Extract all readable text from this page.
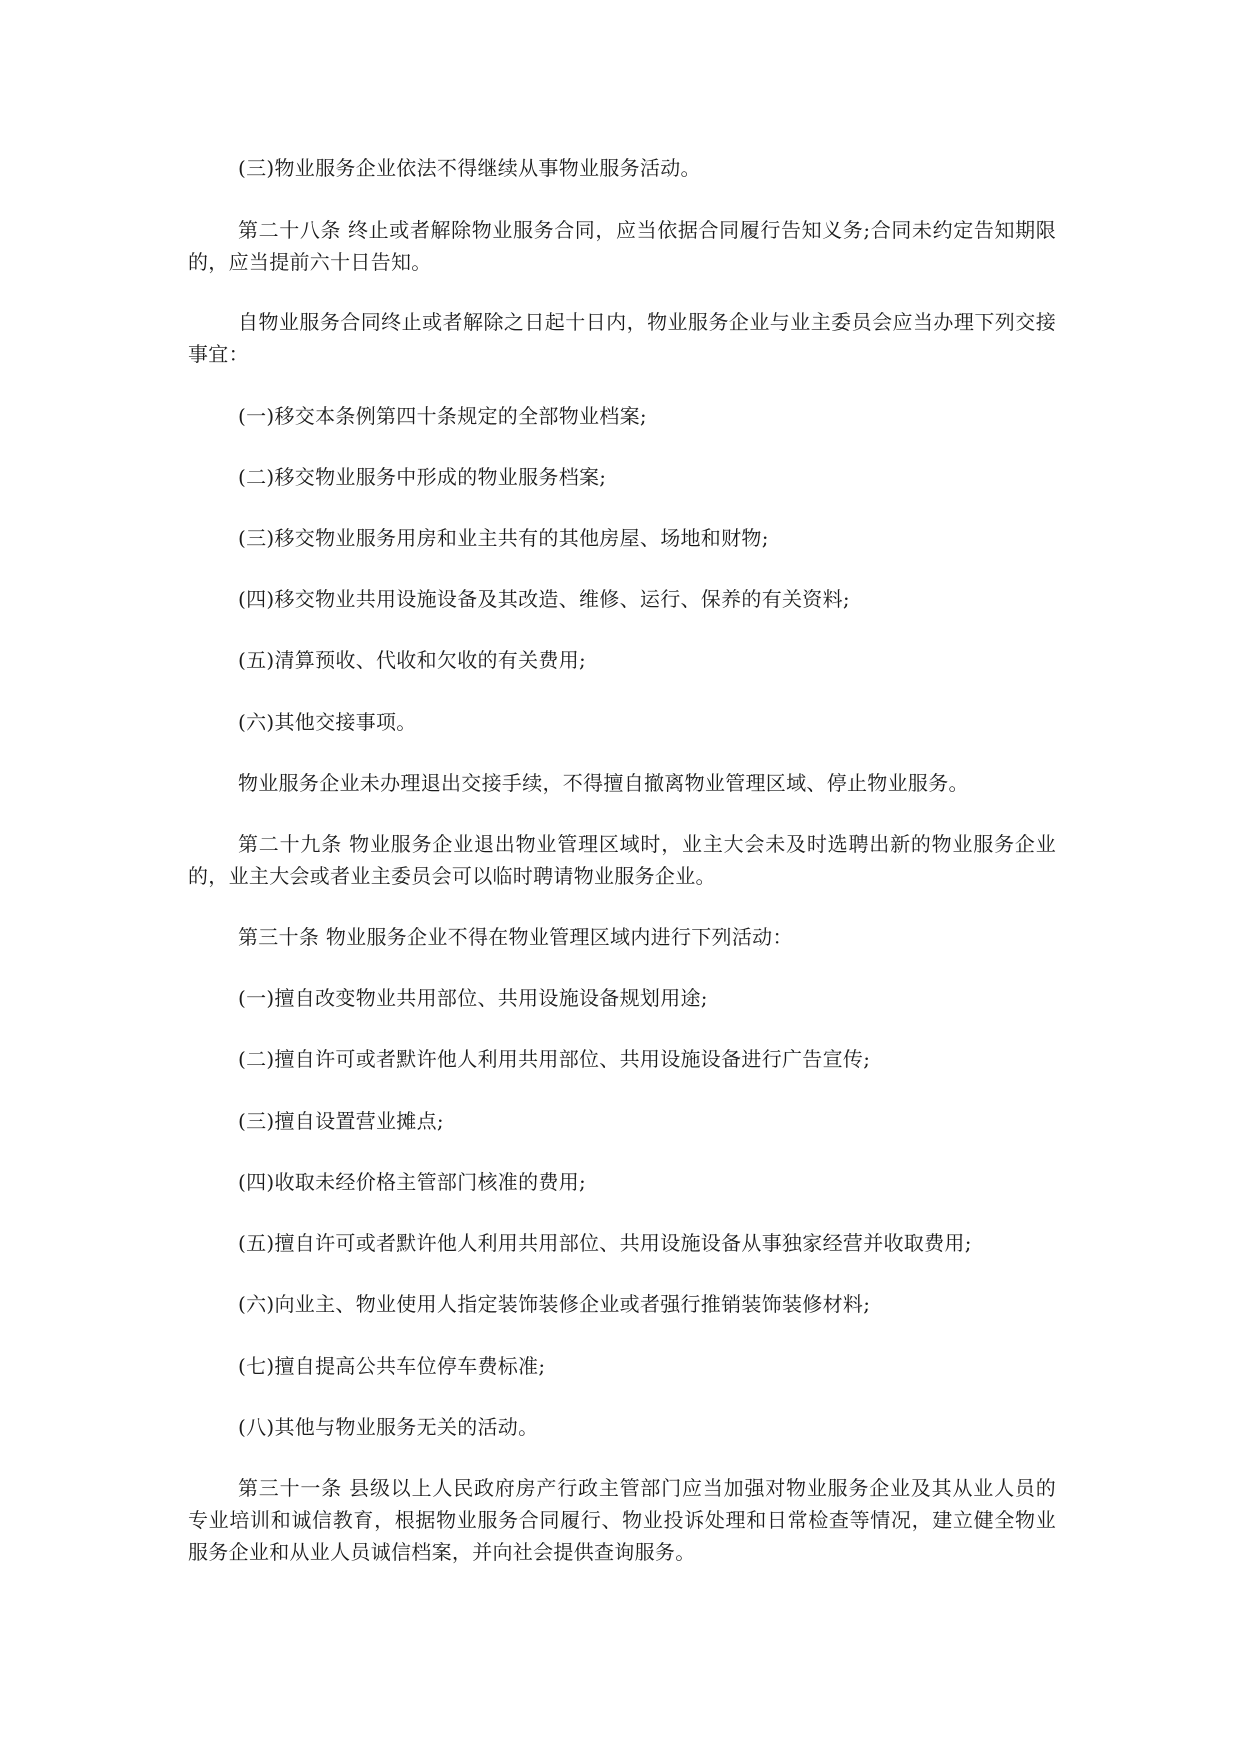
(三)物业服务企业依法不得继续从事物业服务活动。

第二十八条 终止或者解除物业服务合同，应当依据合同履行告知义务;合同未约定告知期限的，应当提前六十日告知。

自物业服务合同终止或者解除之日起十日内，物业服务企业与业主委员会应当办理下列交接事宜：

(一)移交本条例第四十条规定的全部物业档案;

(二)移交物业服务中形成的物业服务档案;

(三)移交物业服务用房和业主共有的其他房屋、场地和财物;

(四)移交物业共用设施设备及其改造、维修、运行、保养的有关资料;

(五)清算预收、代收和欠收的有关费用;

(六)其他交接事项。

物业服务企业未办理退出交接手续，不得擅自撤离物业管理区域、停止物业服务。

第二十九条 物业服务企业退出物业管理区域时，业主大会未及时选聘出新的物业服务企业的，业主大会或者业主委员会可以临时聘请物业服务企业。

第三十条 物业服务企业不得在物业管理区域内进行下列活动：

(一)擅自改变物业共用部位、共用设施设备规划用途;

(二)擅自许可或者默许他人利用共用部位、共用设施设备进行广告宣传;

(三)擅自设置营业摊点;

(四)收取未经价格主管部门核准的费用;

(五)擅自许可或者默许他人利用共用部位、共用设施设备从事独家经营并收取费用;

(六)向业主、物业使用人指定装饰装修企业或者强行推销装饰装修材料;

(七)擅自提高公共车位停车费标准;

(八)其他与物业服务无关的活动。

第三十一条 县级以上人民政府房产行政主管部门应当加强对物业服务企业及其从业人员的专业培训和诚信教育，根据物业服务合同履行、物业投诉处理和日常检查等情况，建立健全物业服务企业和从业人员诚信档案，并向社会提供查询服务。
